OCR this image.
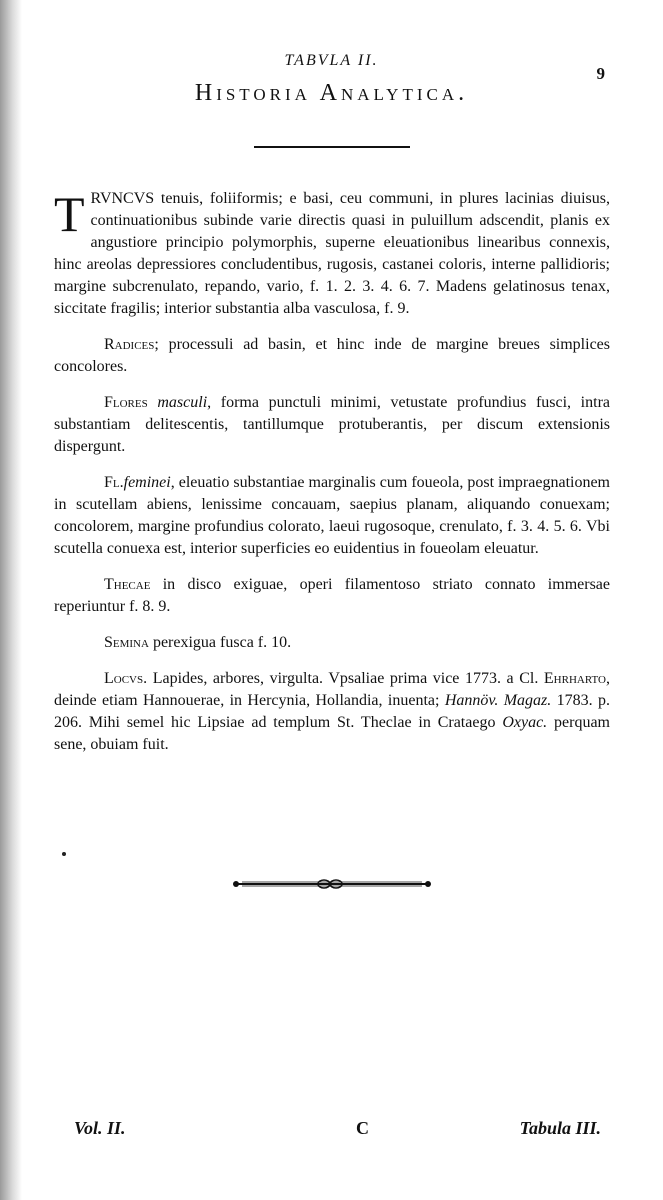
TABVLA II.
9
Historia Analytica.

TRVNCVS tenuis, foliiformis; e basi, ceu communi, in plures lacinias diuisus, continuationibus subinde varie directis quasi in puluillum adscendit, planis ex angustiore principio polymorphis, superne eleuationibus linearibus connexis, hinc areolas depressiores concludentibus, rugosis, castanei coloris, interne pallidioris; margine subcrenulato, repando, vario, f. 1. 2. 3. 4. 6. 7. Madens gelatinosus tenax, siccitate fragilis; interior substantia alba vasculosa, f. 9.

Radices; processuli ad basin, et hinc inde de margine breues simplices concolores.

Flores masculi, forma punctuli minimi, vetustate profundius fusci, intra substantiam delitescentis, tantillumque protuberantis, per discum extensionis dispergunt.

Fl.feminei, eleuatio substantiae marginalis cum foueola, post impraegnationem in scutellam abiens, lenissime concauam, saepius planam, aliquando conuexam; concolorem, margine profundius colorato, laeui rugosoque, crenulato, f. 3. 4. 5. 6. Vbi scutella conuexa est, interior superficies eo euidentius in foueolam eleuatur.

Thecae in disco exiguae, operi filamentoso striato connato immersae reperiuntur f. 8. 9.

Semina perexigua fusca f. 10.

Locvs. Lapides, arbores, virgulta. Vpsaliae prima vice 1773. a Cl. Ehrharto, deinde etiam Hannouerae, in Hercynia, Hollandia, inuenta; Hannöv. Magaz. 1783. p. 206. Mihi semel hic Lipsiae ad templum St. Theclae in Crataego Oxyac. perquam sene, obuiam fuit.

Vol. II.	C	Tabula III.
